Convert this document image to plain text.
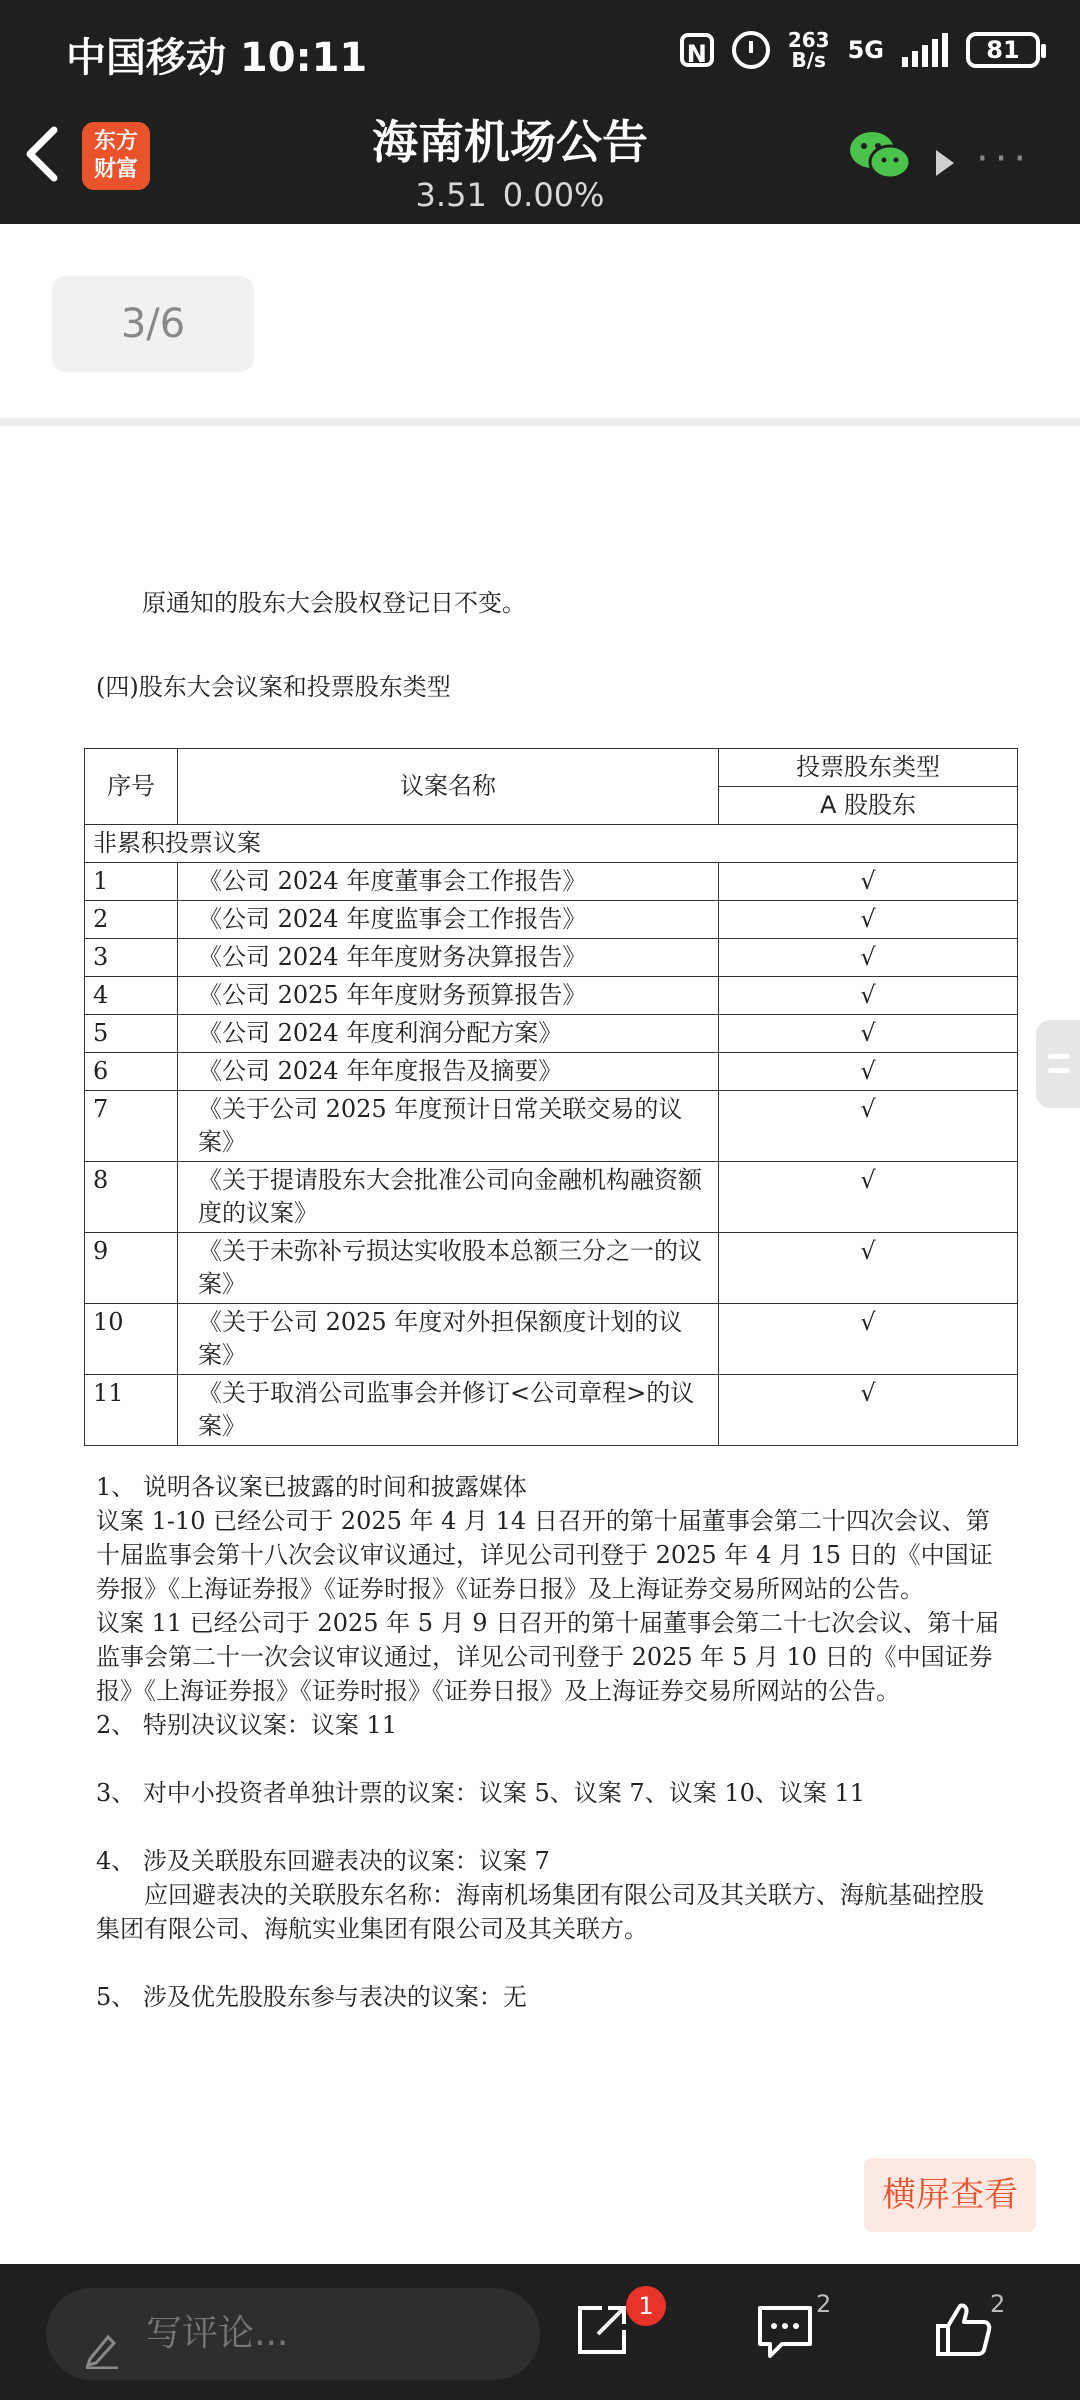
中国移动 10:11	N	263
B/s 5G	81
东方
财富
海南机场公告
3.51 0.00%
···
3/6
原通知的股东大会股权登记日不变。
(四)股东大会议案和投票股东类型
序号	议案名称	投票股东类型
		A 股股东
非累积投票议案		
1	《公司 2024 年度董事会工作报告》	√
2	《公司 2024 年度监事会工作报告》	√
3	《公司 2024 年年度财务决算报告》	√
4	《公司 2025 年年度财务预算报告》	√
5	《公司 2024 年度利润分配方案》	√
6	《公司 2024 年年度报告及摘要》	√
7	《关于公司 2025 年度预计日常关联交易的议案》	√
8	《关于提请股东大会批准公司向金融机构融资额度的议案》	√
9	《关于未弥补亏损达实收股本总额三分之一的议案》	√
10	《关于公司 2025 年度对外担保额度计划的议案》	√
11	《关于取消公司监事会并修订<公司章程>的议案》	√
1、 说明各议案已披露的时间和披露媒体
议案 1-10 已经公司于 2025 年 4 月 14 日召开的第十届董事会第二十四次会议、第十届监事会第十八次会议审议通过，详见公司刊登于 2025 年 4 月 15 日的《中国证券报》《上海证券报》《证券时报》《证券日报》及上海证券交易所网站的公告。
议案 11 已经公司于 2025 年 5 月 9 日召开的第十届董事会第二十七次会议、第十届监事会第二十一次会议审议通过，详见公司刊登于 2025 年 5 月 10 日的《中国证券报》《上海证券报》《证券时报》《证券日报》及上海证券交易所网站的公告。
2、 特别决议议案：议案 11
3、 对中小投资者单独计票的议案：议案 5、议案 7、议案 10、议案 11
4、 涉及关联股东回避表决的议案：议案 7
应回避表决的关联股东名称：海南机场集团有限公司及其关联方、海航基础控股集团有限公司、海航实业集团有限公司及其关联方。
5、 涉及优先股股东参与表决的议案：无
横屏查看
写评论...
1	2	2
